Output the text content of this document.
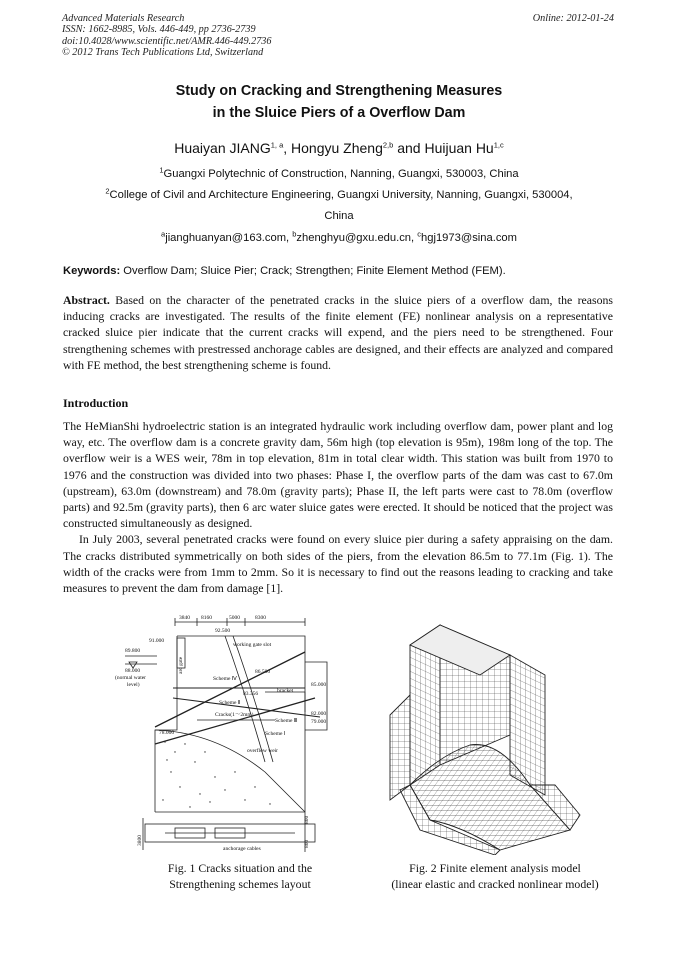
Advanced Materials Research
ISSN: 1662-8985, Vols. 446-449, pp 2736-2739
doi:10.4028/www.scientific.net/AMR.446-449.2736
© 2012 Trans Tech Publications Ltd, Switzerland
Online: 2012-01-24
Study on Cracking and Strengthening Measures
in the Sluice Piers of a Overflow Dam
Huaiyan JIANG$^{1, a}$, Hongyu Zheng$^{2,b}$ and Huijuan Hu$^{1,c}$
$^1$Guangxi Polytechnic of Construction, Nanning, Guangxi, 530003, China
$^2$College of Civil and Architecture Engineering, Guangxi University, Nanning, Guangxi, 530004,
China
$^a$jianghuanyan@163.com, $^b$zhenghyu@gxu.edu.cn, $^c$hgj1973@sina.com
Keywords: Overflow Dam; Sluice Pier; Crack; Strengthen; Finite Element Method (FEM).

Abstract. Based on the character of the penetrated cracks in the sluice piers of a overflow dam, the reasons inducing cracks are investigated. The results of the finite element (FE) nonlinear analysis on a representative cracked sluice pier indicate that the current cracks will expend, and the piers need to be strengthened. Four strengthening schemes with prestressed anchorage cables are designed, and their effects are analyzed and compared with FE method, the best strengthening scheme is found.

Introduction

The HeMianShi hydroelectric station is an integrated hydraulic work including overflow dam, power plant and log way, etc. The overflow dam is a concrete gravity dam, 56m high (top elevation is 95m), 198m long of the top. The overflow weir is a WES weir, 78m in top elevation, 81m in total clear width. This station was built from 1970 to 1976 and the construction was divided into two phases: Phase I, the overflow parts of the dam was cast to 67.0m (upstream), 63.0m (downstream) and 78.0m (gravity parts); Phase II, the left parts were cast to 78.0m (overflow parts) and 92.5m (gravity parts), then 6 arc water sluice gates were erected. It should be noticed that the project was constructed simultaneously as designed.

In July 2003, several penetrated cracks were found on every sluice pier during a safety appraising on the dam. The cracks distributed symmetrically on both sides of the piers, from the elevation 86.5m to 77.1m (Fig. 1). The width of the cracks were from 1mm to 2mm. So it is necessary to find out the reasons leading to cracking and take measures to prevent the dam from damage [1].

3840 8160	5000	8300
92.500
91.000
89.800
88.000
(normal water
level)
arc gate
working gate slot
Scheme Ⅳ
86.500
85.000
83.356	bracket
Scheme Ⅱ
Cracks(1～2mm)
Scheme Ⅲ
82.000
79.000
Scheme Ⅰ
78.000
overflow weir
anchorage cables
3800
800
800
Fig. 1 Cracks situation and the
Strengthening schemes layout
Fig. 2 Finite element analysis model
(linear elastic and cracked nonlinear model)
